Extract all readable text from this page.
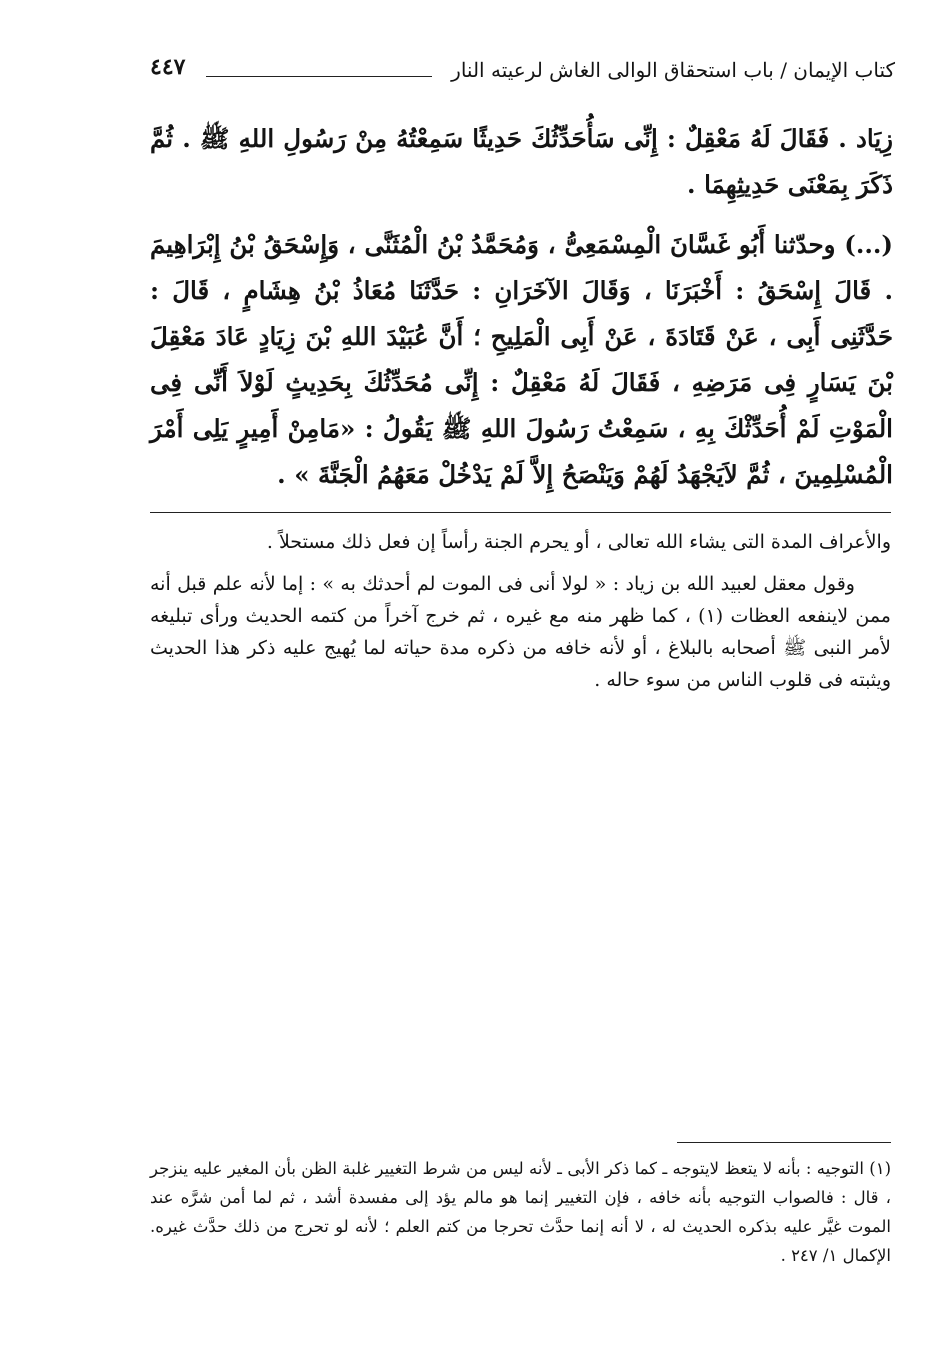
كتاب الإيمان / باب استحقاق الوالى الغاش لرعيته النار
٤٤٧

زِيَاد . فَقَالَ لَهُ مَعْقِلٌ : إِنِّى سَأُحَدِّثُكَ حَدِيثًا سَمِعْتُهُ مِنْ رَسُولِ اللهِ ﷺ . ثُمَّ ذَكَرَ بِمَعْنَى حَدِيثِهِمَا .

(...) وحدّثنا أَبُو غَسَّانَ الْمِسْمَعِىُّ ، وَمُحَمَّدُ بْنُ الْمُثَنَّى ، وَإِسْحَقُ بْنُ إِبْرَاهِيمَ . قَالَ إِسْحَقُ : أَخْبَرَنَا ، وَقَالَ الآخَرَانِ : حَدَّثَنَا مُعَاذُ بْنُ هِشَامٍ ، قَالَ : حَدَّثَنِى أَبِى ، عَنْ قَتَادَةَ ، عَنْ أَبِى الْمَلِيحِ ؛ أَنَّ عُبَيْدَ اللهِ بْنَ زِيَادٍ عَادَ مَعْقِلَ بْنَ يَسَارٍ فِى مَرَضِهِ ، فَقَالَ لَهُ مَعْقِلٌ : إِنِّى مُحَدِّثُكَ بِحَدِيثٍ لَوْلاَ أَنِّى فِى الْمَوْتِ لَمْ أُحَدِّثْكَ بِهِ ، سَمِعْتُ رَسُولَ اللهِ ﷺ يَقُولُ : «مَامِنْ أَمِيرٍ يَلِى أَمْرَ الْمُسْلِمِينَ ، ثُمَّ لاَيَجْهَدُ لَهُمْ وَيَنْصَحُ إِلاَّ لَمْ يَدْخُلْ مَعَهُمُ الْجَنَّةَ » .

والأعراف المدة التى يشاء الله تعالى ، أو يحرم الجنة رأساً إن فعل ذلك مستحلاً .

وقول معقل لعبيد الله بن زياد : « لولا أنى فى الموت لم أحدثك به » : إما لأنه علم قبل أنه ممن لاينفعه العظات (١) ، كما ظهر منه مع غيره ، ثم خرج آخراً من كتمه الحديث ورأى تبليغه لأمر النبى ﷺ أصحابه بالبلاغ ، أو لأنه خافه من ذكره مدة حياته لما يُهيج عليه ذكر هذا الحديث ويثبته فى قلوب الناس من سوء حاله .

(١) التوجيه : بأنه لا يتعظ لايتوجه ـ كما ذكر الأبى ـ لأنه ليس من شرط التغيير غلبة الظن بأن المغير عليه ينزجر ، قال : فالصواب التوجيه بأنه خافه ، فإن التغيير إنما هو مالم يؤد إلى مفسدة أشد ، ثم لما أمن شرَّه عند الموت غيَّر عليه بذكره الحديث له ، لا أنه إنما حدَّث تحرجا من كتم العلم ؛ لأنه لو تحرج من ذلك حدَّث غيره. الإكمال ١/ ٢٤٧ .
